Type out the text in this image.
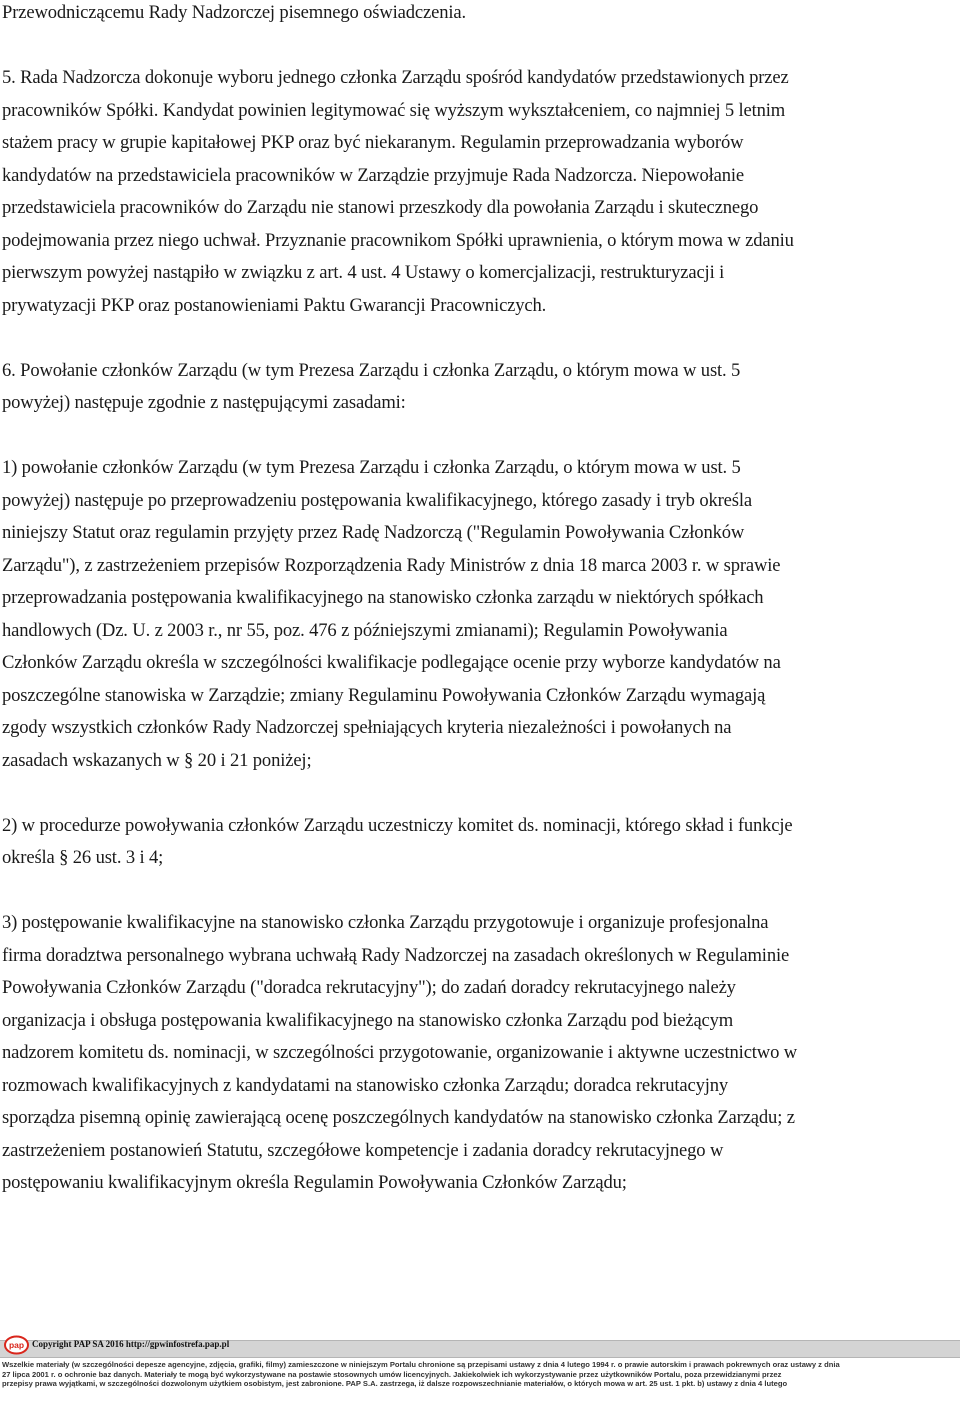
Przewodniczącemu Rady Nadzorczej pisemnego oświadczenia.

5. Rada Nadzorcza dokonuje wyboru jednego członka Zarządu spośród kandydatów przedstawionych przez

pracowników Spółki. Kandydat powinien legitymować się wyższym wykształceniem, co najmniej 5 letnim

stażem pracy w grupie kapitałowej PKP oraz być niekaranym. Regulamin przeprowadzania wyborów

kandydatów na przedstawiciela pracowników w Zarządzie przyjmuje Rada Nadzorcza. Niepowołanie

przedstawiciela pracowników do Zarządu nie stanowi przeszkody dla powołania Zarządu i skutecznego

podejmowania przez niego uchwał. Przyznanie pracownikom Spółki uprawnienia, o którym mowa w zdaniu

pierwszym powyżej nastąpiło w związku z art. 4 ust. 4 Ustawy o komercjalizacji, restrukturyzacji i

prywatyzacji PKP oraz postanowieniami Paktu Gwarancji Pracowniczych.

6. Powołanie członków Zarządu (w tym Prezesa Zarządu i członka Zarządu, o którym mowa w ust. 5

powyżej) następuje zgodnie z następującymi zasadami:

1) powołanie członków Zarządu (w tym Prezesa Zarządu i członka Zarządu, o którym mowa w ust. 5

powyżej) następuje po przeprowadzeniu postępowania kwalifikacyjnego, którego zasady i tryb określa

niniejszy Statut oraz regulamin przyjęty przez Radę Nadzorczą ("Regulamin Powoływania Członków

Zarządu"), z zastrzeżeniem przepisów Rozporządzenia Rady Ministrów z dnia 18 marca 2003 r. w sprawie

przeprowadzania postępowania kwalifikacyjnego na stanowisko członka zarządu w niektórych spółkach

handlowych (Dz. U. z 2003 r., nr 55, poz. 476 z późniejszymi zmianami); Regulamin Powoływania

Członków Zarządu określa w szczególności kwalifikacje podlegające ocenie przy wyborze kandydatów na

poszczególne stanowiska w Zarządzie; zmiany Regulaminu Powoływania Członków Zarządu wymagają

zgody wszystkich członków Rady Nadzorczej spełniających kryteria niezależności i powołanych na

zasadach wskazanych w § 20 i 21 poniżej;

2) w procedurze powoływania członków Zarządu uczestniczy komitet ds. nominacji, którego skład i funkcje

określa § 26 ust. 3 i 4;

3) postępowanie kwalifikacyjne na stanowisko członka Zarządu przygotowuje i organizuje profesjonalna

firma doradztwa personalnego wybrana uchwałą Rady Nadzorczej na zasadach określonych w Regulaminie

Powoływania Członków Zarządu ("doradca rekrutacyjny"); do zadań doradcy rekrutacyjnego należy

organizacja i obsługa postępowania kwalifikacyjnego na stanowisko członka Zarządu pod bieżącym

nadzorem komitetu ds. nominacji, w szczególności przygotowanie, organizowanie i aktywne uczestnictwo w

rozmowach kwalifikacyjnych z kandydatami na stanowisko członka Zarządu; doradca rekrutacyjny

sporządza pisemną opinię zawierającą ocenę poszczególnych kandydatów na stanowisko członka Zarządu; z

zastrzeżeniem postanowień Statutu, szczegółowe kompetencje i zadania doradcy rekrutacyjnego w

postępowaniu kwalifikacyjnym określa Regulamin Powoływania Członków Zarządu;

pap Copyright PAP SA 2016 http://gpwinfostrefa.pap.pl
Wszelkie materiały (w szczególności depesze agencyjne, zdjęcia, grafiki, filmy) zamieszczone w niniejszym Portalu chronione są przepisami ustawy z dnia 4 lutego 1994 r. o prawie autorskim i prawach pokrewnych oraz ustawy z dnia
27 lipca 2001 r. o ochronie baz danych. Materiały te mogą być wykorzystywane na postawie stosownych umów licencyjnych. Jakiekolwiek ich wykorzystywanie przez użytkowników Portalu, poza przewidzianymi przez
przepisy prawa wyjątkami, w szczególności dozwolonym użytkiem osobistym, jest zabronione. PAP S.A. zastrzega, iż dalsze rozpowszechnianie materiałów, o których mowa w art. 25 ust. 1 pkt. b) ustawy z dnia 4 lutego
